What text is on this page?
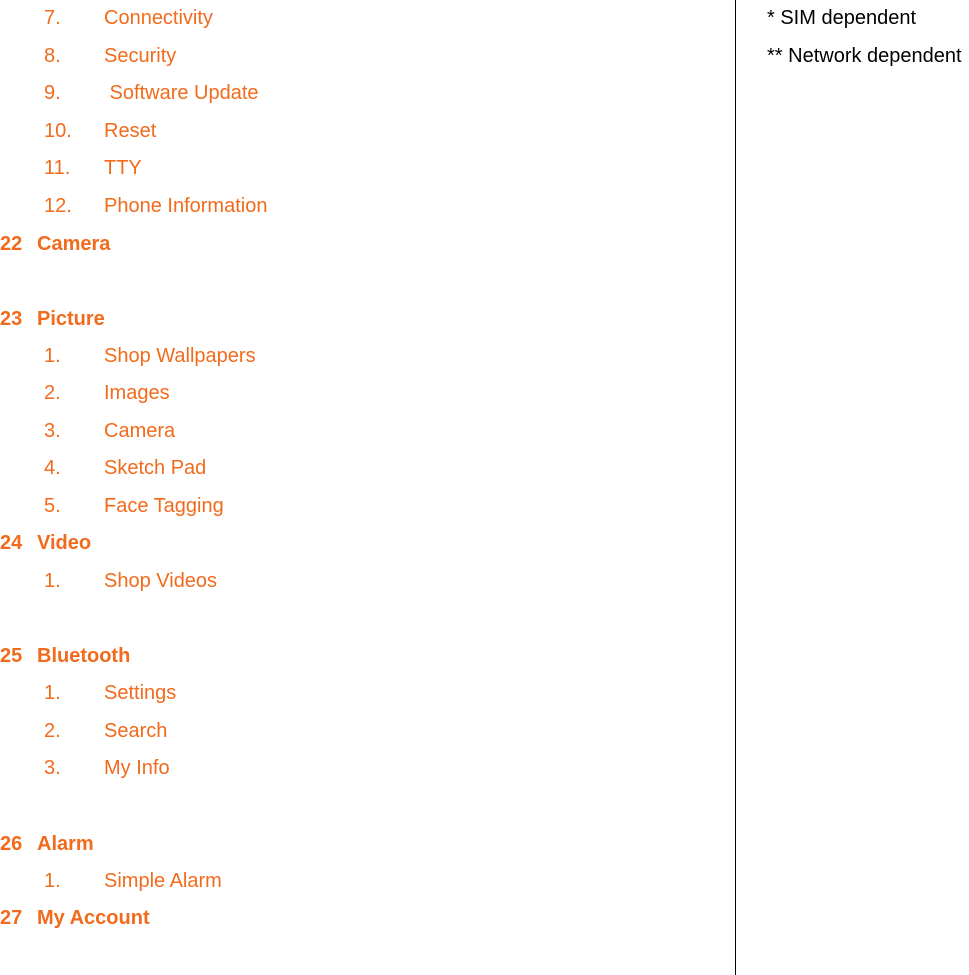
7. Connectivity
8. Security
9. Software Update
10. Reset
11. TTY
12. Phone Information
22 Camera
23 Picture
1. Shop Wallpapers
2. Images
3. Camera
4. Sketch Pad
5. Face Tagging
24 Video
1. Shop Videos
25 Bluetooth
1. Settings
2. Search
3. My Info
26 Alarm
1. Simple Alarm
27 My Account
* SIM dependent
** Network dependent
